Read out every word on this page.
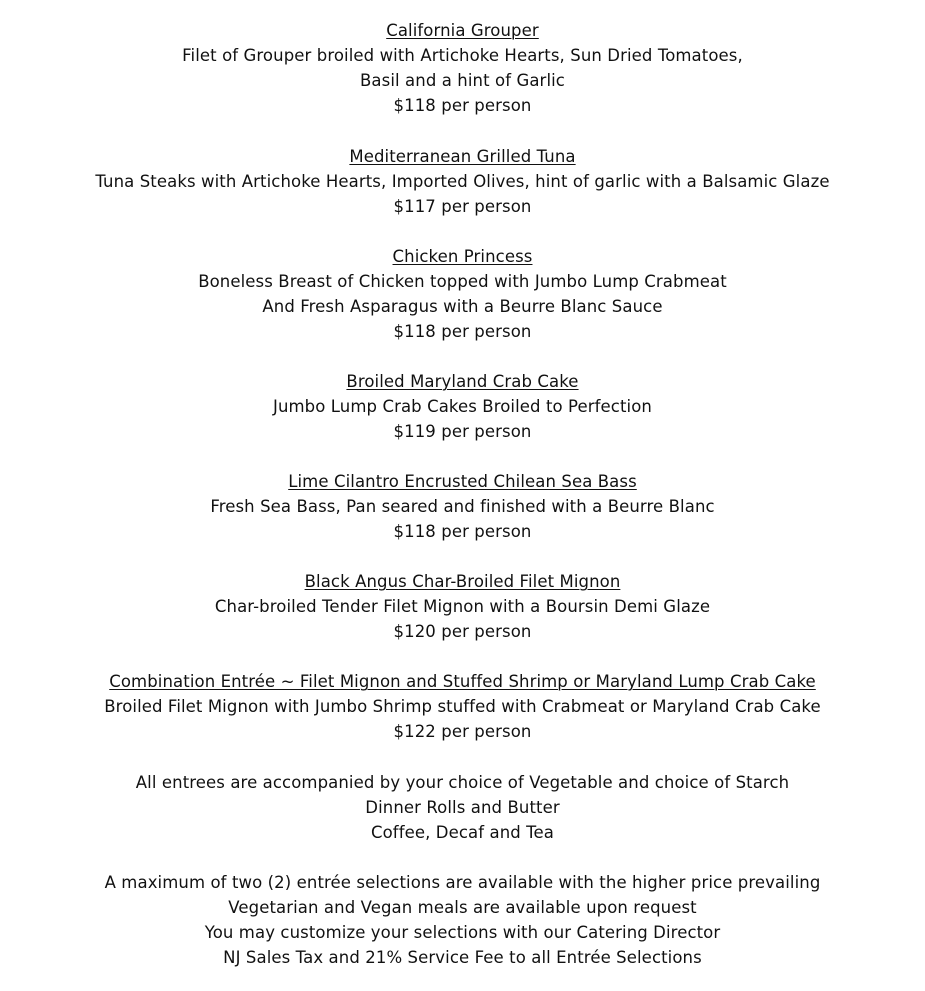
California Grouper
Filet of Grouper broiled with Artichoke Hearts, Sun Dried Tomatoes,
Basil and a hint of Garlic
$118 per person
Mediterranean Grilled Tuna
Tuna Steaks with Artichoke Hearts, Imported Olives, hint of garlic with a Balsamic Glaze
$117 per person
Chicken Princess
Boneless Breast of Chicken topped with Jumbo Lump Crabmeat
And Fresh Asparagus with a Beurre Blanc Sauce
$118 per person
Broiled Maryland Crab Cake
Jumbo Lump Crab Cakes Broiled to Perfection
$119 per person
Lime Cilantro Encrusted Chilean Sea Bass
Fresh Sea Bass, Pan seared and finished with a Beurre Blanc
$118 per person
Black Angus Char-Broiled Filet Mignon
Char-broiled Tender Filet Mignon with a Boursin Demi Glaze
$120 per person
Combination Entrée ~ Filet Mignon and Stuffed Shrimp or Maryland Lump Crab Cake
Broiled Filet Mignon with Jumbo Shrimp stuffed with Crabmeat or Maryland Crab Cake
$122 per person
All entrees are accompanied by your choice of Vegetable and choice of Starch
Dinner Rolls and Butter
Coffee, Decaf and Tea
A maximum of two (2) entrée selections are available with the higher price prevailing
Vegetarian and Vegan meals are available upon request
You may customize your selections with our Catering Director
NJ Sales Tax and 21% Service Fee to all Entrée Selections
